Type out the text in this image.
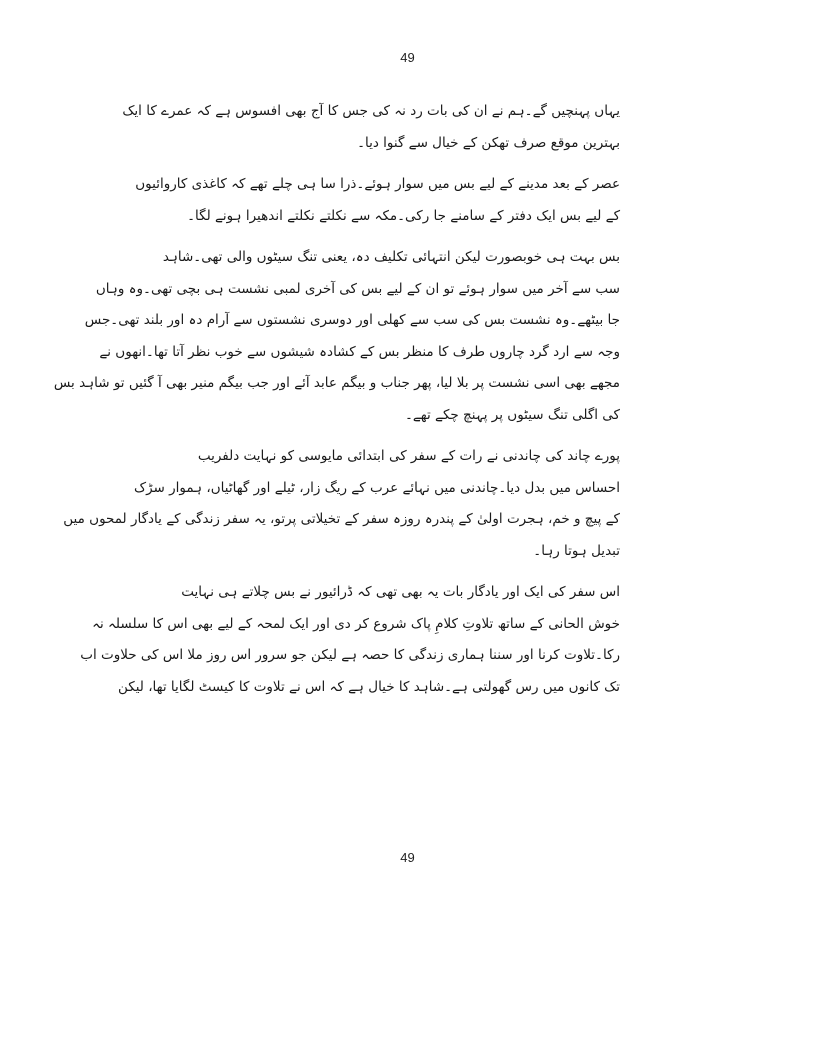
49
یہاں پہنچیں گے۔ہم نے ان کی بات رد نہ کی جس کا آج بھی افسوس ہے کہ عمرے کا ایک
بہترین موقع صرف تھکن کے خیال سے گنوا دیا۔
عصر کے بعد مدینے کے لیے بس میں سوار ہوئے۔ذرا سا ہی چلے تھے کہ کاغذی کاروائیوں
کے لیے بس ایک دفتر کے سامنے جا رکی۔مکہ سے نکلتے نکلتے اندھیرا ہونے لگا۔
بس بہت ہی خوبصورت لیکن انتہائی تکلیف دہ، یعنی تنگ سیٹوں والی تھی۔شاہد
سب سے آخر میں سوار ہوئے تو ان کے لیے بس کی آخری لمبی نشست ہی بچی تھی۔وہ وہاں
جا بیٹھے۔وہ نشست بس کی سب سے کھلی اور دوسری نشستوں سے آرام دہ اور بلند تھی۔جس
وجہ سے ارد گرد چاروں طرف کا منظر بس کے کشادہ شیشوں سے خوب نظر آتا تھا۔انھوں نے
مجھے بھی اسی نشست پر بلا لیا، پھر جناب و بیگم عابد آئے اور جب بیگم منیر بھی آ گئیں تو شاہد بس
کی اگلی تنگ سیٹوں پر پہنچ چکے تھے۔
پورے چاند کی چاندنی نے رات کے سفر کی ابتدائی مایوسی کو نہایت دلفریب
احساس میں بدل دیا۔چاندنی میں نہائے عرب کے ریگ زار، ٹیلے اور گھاٹیاں، ہموار سڑک
کے پیچ و خم، ہجرت اولیٰ کے پندرہ روزہ سفر کے تخیلاتی پرتو، یہ سفر زندگی کے یادگار لمحوں میں
تبدیل ہوتا رہا۔
اس سفر کی ایک اور یادگار بات یہ بھی تھی کہ ڈرائیور نے بس چلاتے ہی نہایت
خوش الحانی کے ساتھ تلاوتِ کلامِ پاک شروع کر دی اور ایک لمحہ کے لیے بھی اس کا سلسلہ نہ
رکا۔تلاوت کرنا اور سننا ہماری زندگی کا حصہ ہے لیکن جو سرور اس روز ملا اس کی حلاوت اب
تک کانوں میں رس گھولتی ہے۔شاہد کا خیال ہے کہ اس نے تلاوت کا کیسٹ لگایا تھا، لیکن
49
